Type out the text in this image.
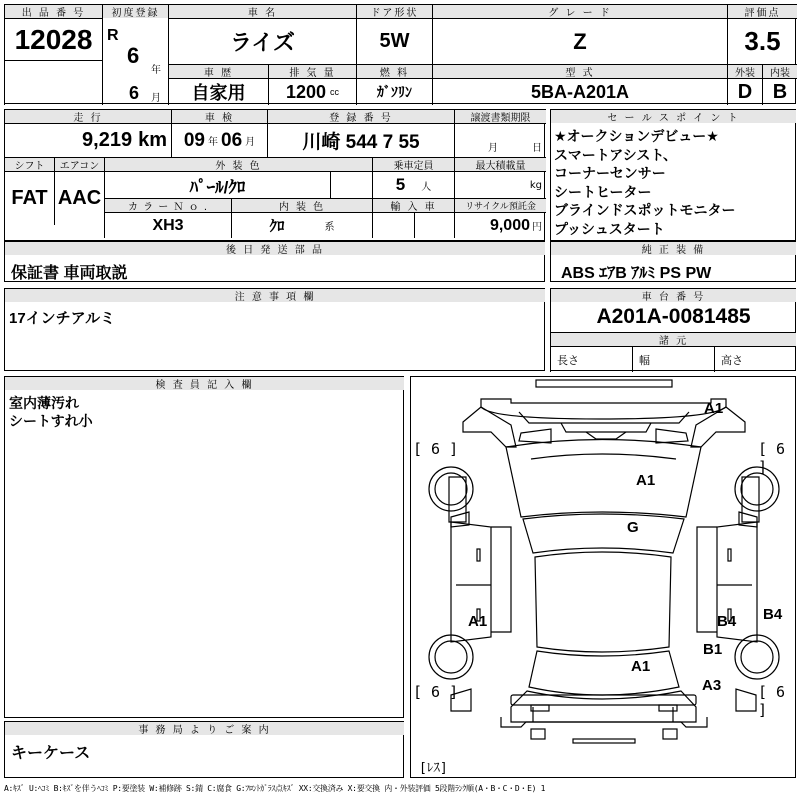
出 品 番 号
12028
初度登録
R
6
年
6 月
車 名
ライズ
ドア形状
5W
グ レ ー ド
Z
評価点
3.5
車 歴
自家用
排 気 量
1200 cc
燃 料
ｶﾞｿﾘﾝ
型 式
5BA-A201A
外装
D
内装
B
走 行
9,219 km
車 検
09 年 06 月
登 録 番 号
川崎 544 7 55
譲渡書類期限
月	日
シフト
FAT
エアコン
AAC
外 装 色
ﾊﾟｰﾙ/ｸﾛ
乗車定員
5 人
最大積載量
kg
カ ラ ー Ｎ ｏ .
XH3
内 装 色
ｸﾛ	系
輸 入 車	リサイクル預託金
9,000 円
後 日 発 送 部 品
保証書 車両取説
セ ー ル ス ポ イ ン ト
★オークションデビュー★
スマートアシスト、
コーナーセンサー
シートヒーター
ブラインドスポットモニター
プッシュスタート
純 正 装 備
ABS ｴｱB ｱﾙﾐ PS PW
注 意 事 項 欄
17インチアルミ
車 台 番 号
A201A-0081485
諸 元
長さ	幅	高さ
検 査 員 記 入 欄
室内薄汚れ
シートすれ小
事 務 局 よ り ご 案 内
キーケース
A1
A1
G
A1	B4 B4
B1
A1
A3
[ 6 ]	[ 6 ]
[ 6 ]	[ 6 ]
[ﾚｽ]
A:ｷｽﾞ U:ﾍｺﾐ B:ｷｽﾞを伴うﾍｺﾐ P:要塗装 W:補修跡 S:錆 C:腐食 G:ﾌﾛﾝﾄｶﾞﾗｽ点ｷｽﾞ XX:交換済み X:要交換 内・外装評価 5段階ﾗﾝｸ順(A・B・C・D・E) 1
